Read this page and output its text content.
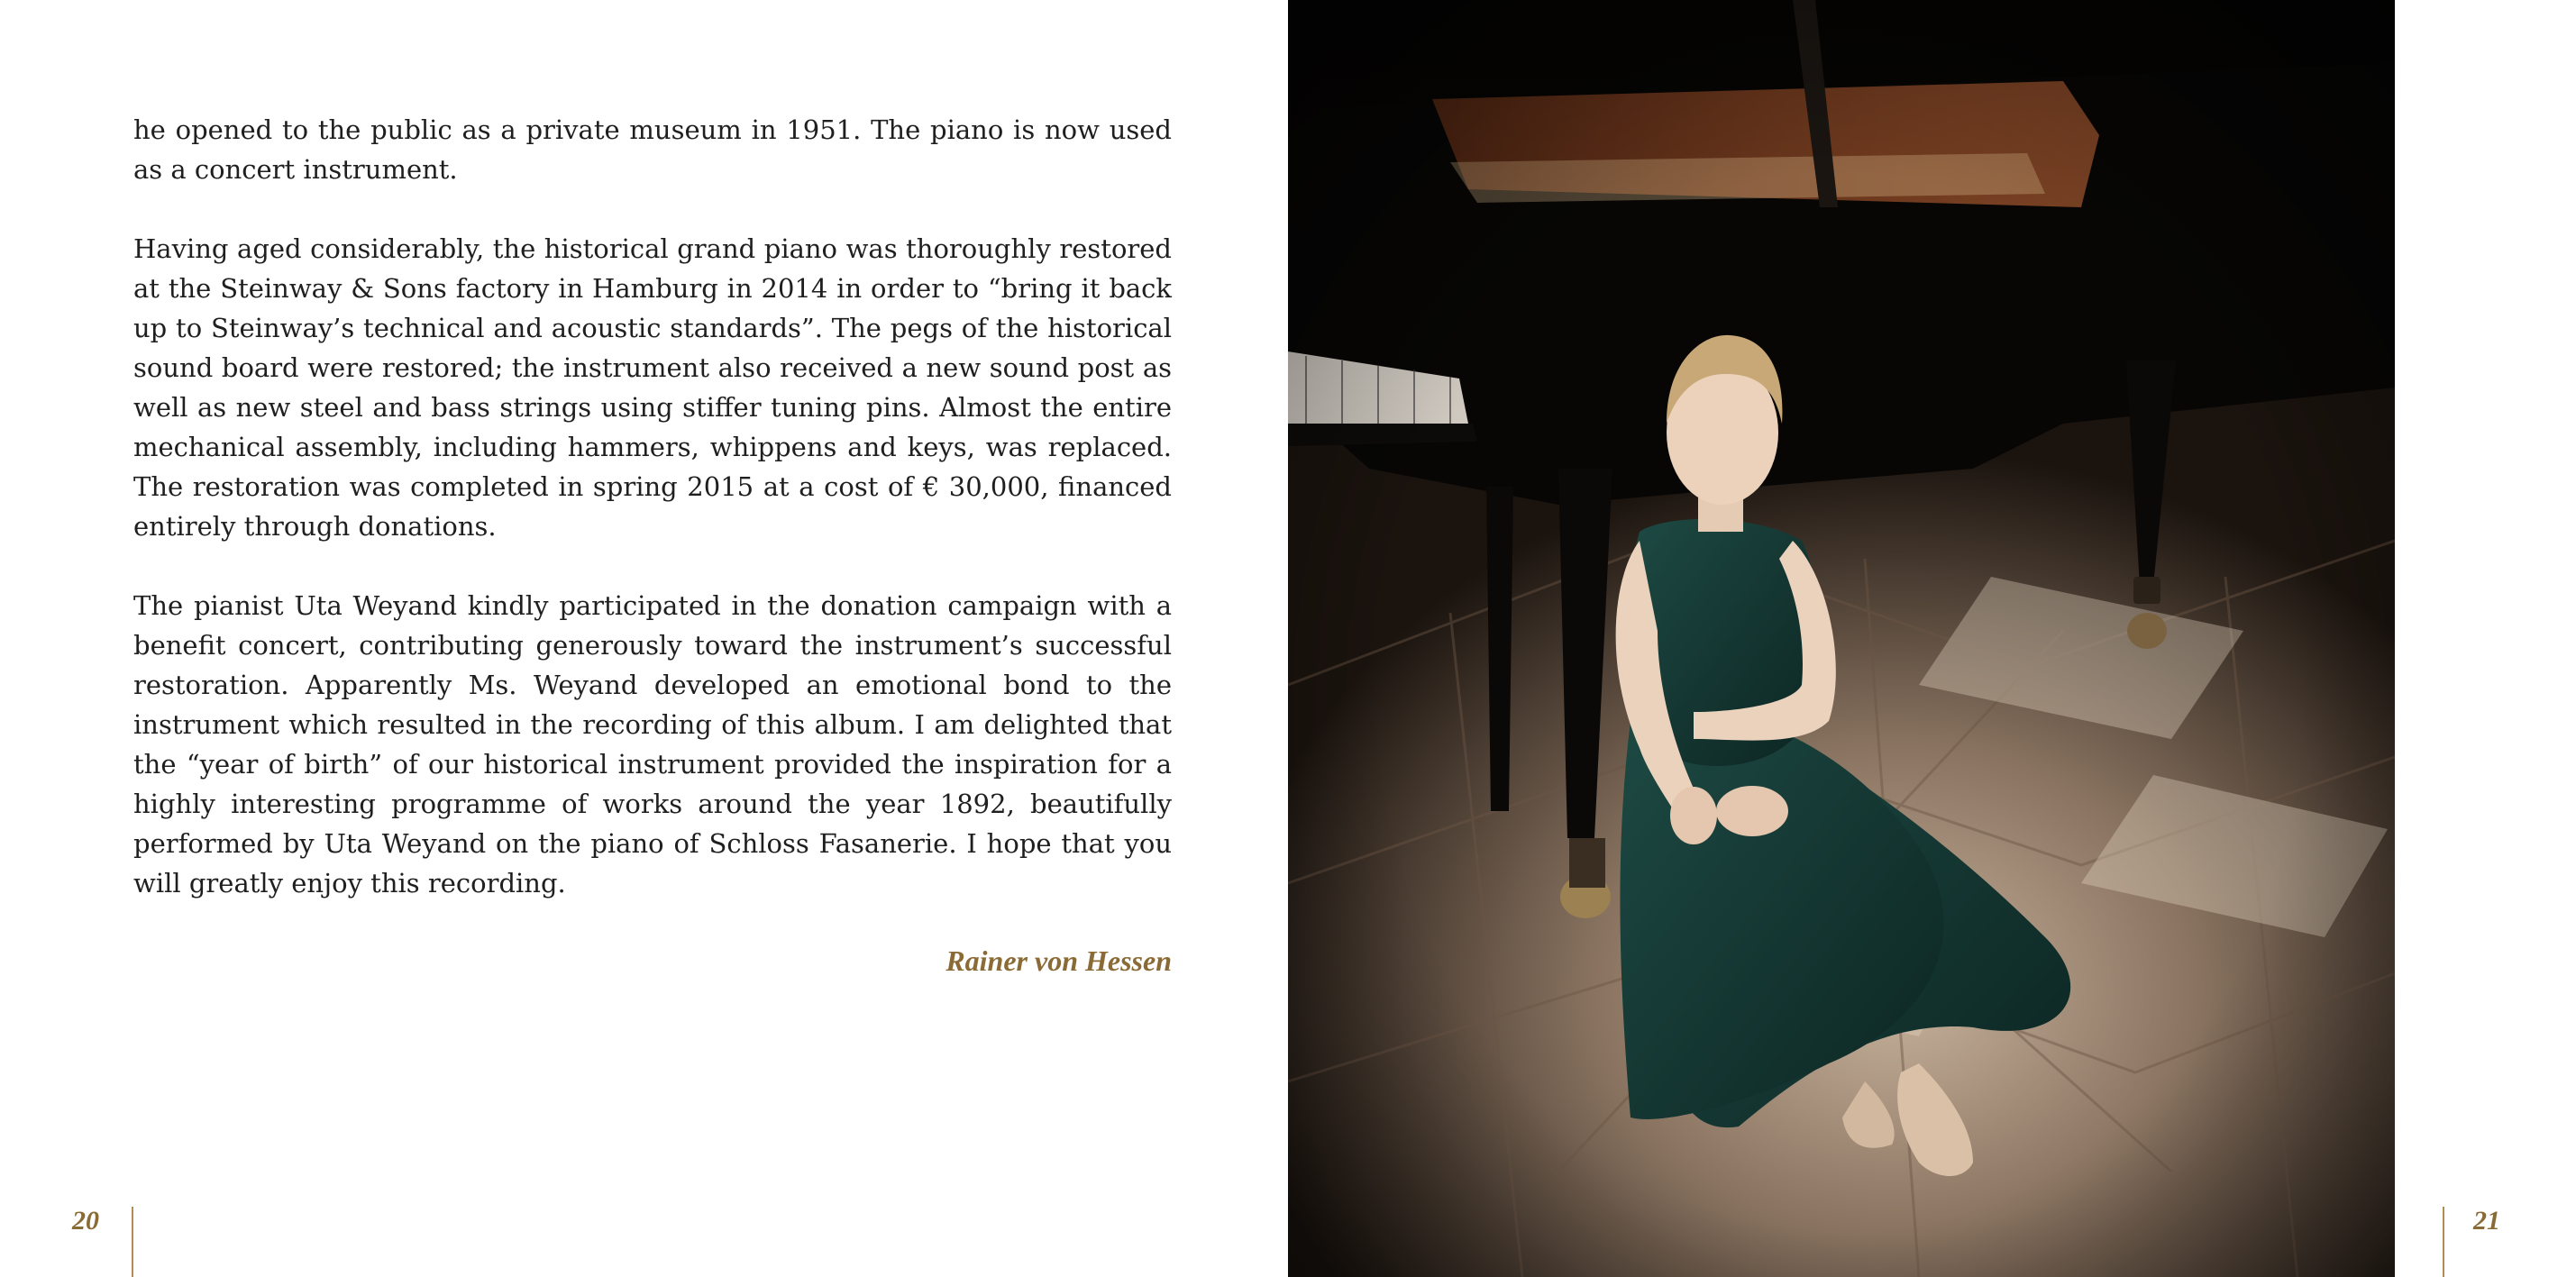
he opened to the public as a private museum in 1951. The piano is now used as a concert instrument.

Having aged considerably, the historical grand piano was thoroughly restored at the Steinway & Sons factory in Hamburg in 2014 in order to “bring it back up to Steinway’s technical and acoustic standards”. The pegs of the historical sound board were restored; the instrument also received a new sound post as well as new steel and bass strings using stiffer tuning pins. Almost the entire mechanical assembly, including hammers, whippens and keys, was replaced. The restoration was completed in spring 2015 at a cost of € 30,000, financed entirely through donations.

The pianist Uta Weyand kindly participated in the donation campaign with a benefit concert, contributing generously toward the instrument’s successful restoration. Apparently Ms. Weyand developed an emotional bond to the instrument which resulted in the recording of this album. I am delighted that the “year of birth” of our historical instrument provided the inspiration for a highly interesting programme of works around the year 1892, beautifully performed by Uta Weyand on the piano of Schloss Fasanerie. I hope that you will greatly enjoy this recording.

Rainer von Hessen
20	21
